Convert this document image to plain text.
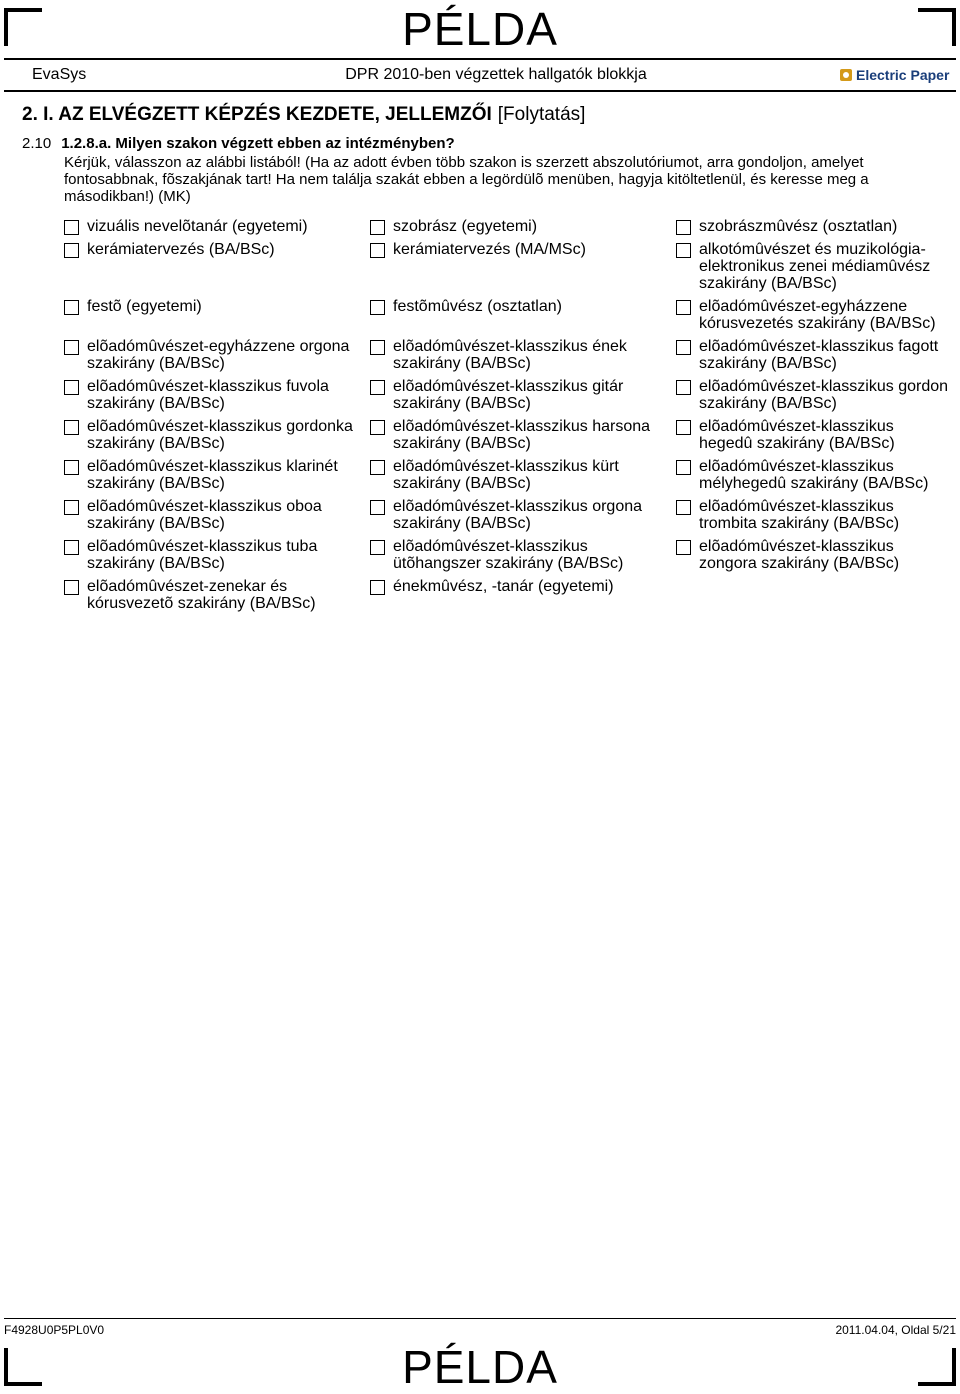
PÉLDA
EvaSys	DPR 2010-ben végzettek hallgatók blokkja	Electric Paper
2. I. AZ ELVÉGZETT KÉPZÉS KEZDETE, JELLEMZŐI [Folytatás]
2.10 1.2.8.a. Milyen szakon végzett ebben az intézményben?
Kérjük, válasszon az alábbi listából! (Ha az adott évben több szakon is szerzett abszolutóriumot, arra gondoljon, amelyet fontosabbnak, fõszakjának tart! Ha nem találja szakát ebben a legördülõ menüben, hagyja kitöltetlenül, és keresse meg a másodikban!) (MK)
vizuális nevelõtanár (egyetemi)	szobrász (egyetemi)	szobrászmûvész (osztatlan)
kerámiatervezés (BA/BSc)	kerámiatervezés (MA/MSc)	alkotómûvészet és muzikológia-elektronikus zenei médiamûvész szakirány (BA/BSc)
festõ (egyetemi)	festõmûvész (osztatlan)	elõadómûvészet-egyházzene kórusvezetés szakirány (BA/BSc)
elõadómûvészet-egyházzene orgona szakirány (BA/BSc)
elõadómûvészet-klasszikus ének szakirány (BA/BSc)
elõadómûvészet-klasszikus fagott szakirány (BA/BSc)
elõadómûvészet-klasszikus fuvola szakirány (BA/BSc)
elõadómûvészet-klasszikus gitár szakirány (BA/BSc)
elõadómûvészet-klasszikus gordon szakirány (BA/BSc)
elõadómûvészet-klasszikus gordonka szakirány (BA/BSc)
elõadómûvészet-klasszikus harsona szakirány (BA/BSc)
elõadómûvészet-klasszikus hegedû szakirány (BA/BSc)
elõadómûvészet-klasszikus klarinét szakirány (BA/BSc)
elõadómûvészet-klasszikus kürt szakirány (BA/BSc)
elõadómûvészet-klasszikus mélyhegedû szakirány (BA/BSc)
elõadómûvészet-klasszikus oboa szakirány (BA/BSc)
elõadómûvészet-klasszikus orgona szakirány (BA/BSc)
elõadómûvészet-klasszikus trombita szakirány (BA/BSc)
elõadómûvészet-klasszikus tuba szakirány (BA/BSc)
elõadómûvészet-klasszikus ütõhangszer szakirány (BA/BSc)
elõadómûvészet-klasszikus zongora szakirány (BA/BSc)
elõadómûvészet-zenekar és kórusvezetõ szakirány (BA/BSc)
énekmûvész, -tanár (egyetemi)
F4928U0P5PL0V0	2011.04.04, Oldal 5/21
PÉLDA
